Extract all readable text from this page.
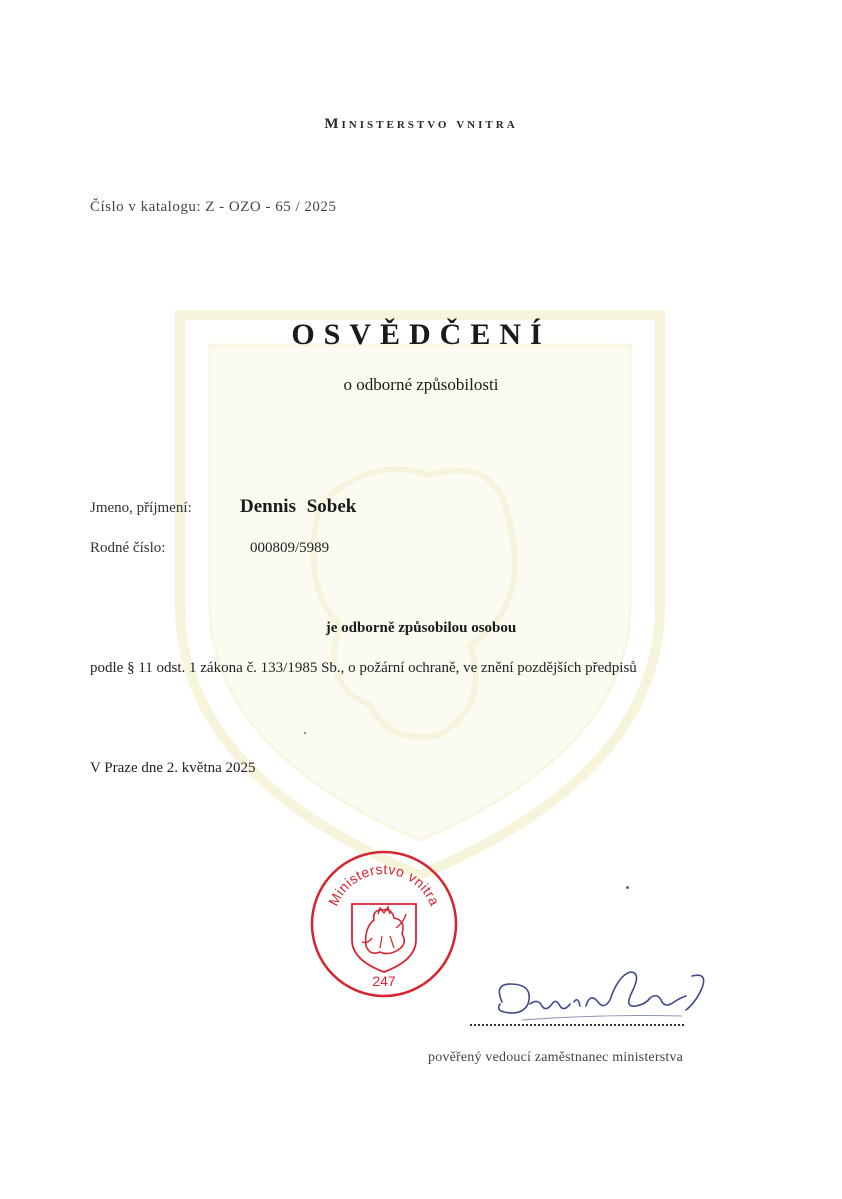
Ministerstvo vnitra
Číslo v katalogu: Z - OZO - 65 / 2025
OSVĚDČENÍ
o odborné způsobilosti
Jmeno, příjmení:	Dennis Sobek
Rodné číslo:	000809/5989
je odborně způsobilou osobou
podle § 11 odst. 1 zákona č. 133/1985 Sb., o požární ochraně, ve znění pozdějších předpisů
V Praze dne 2. května 2025
Ministerstvo vnitra
247
pověřený vedoucí zaměstnanec ministerstva
